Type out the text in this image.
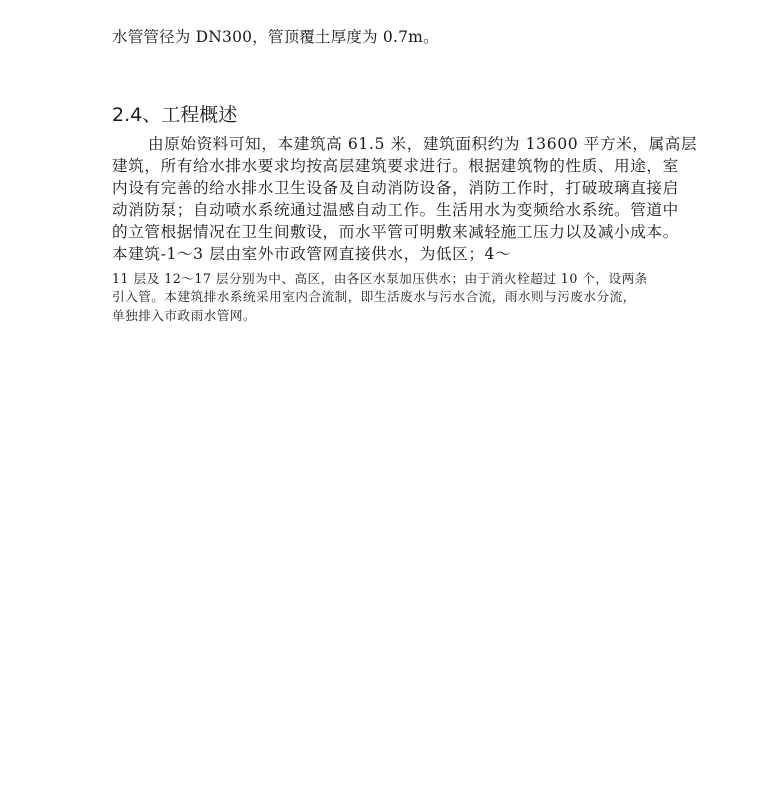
水管管径为 DN300，管顶覆土厚度为 0.7m。

2.4、工程概述

由原始资料可知，本建筑高 61.5 米，建筑面积约为 13600 平方米，属高层

建筑，所有给水排水要求均按高层建筑要求进行。根据建筑物的性质、用途，室

内设有完善的给水排水卫生设备及自动消防设备，消防工作时，打破玻璃直接启

动消防泵；自动喷水系统通过温感自动工作。生活用水为变频给水系统。管道中

的立管根据情况在卫生间敷设，而水平管可明敷来减轻施工压力以及减小成本。

本建筑-1～3 层由室外市政管网直接供水，为低区；4～

11 层及 12～17 层分别为中、高区，由各区水泵加压供水；由于消火栓超过 10 个，设两条

引入管。本建筑排水系统采用室内合流制，即生活废水与污水合流，雨水则与污废水分流，

单独排入市政雨水管网。
